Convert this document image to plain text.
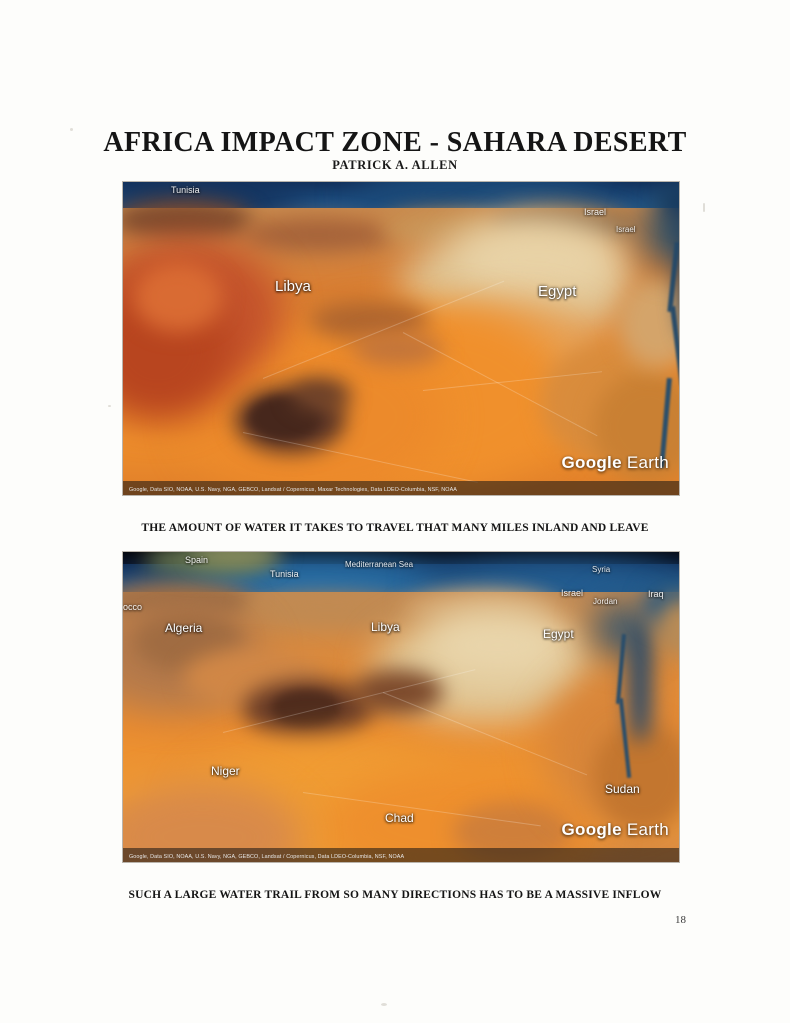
AFRICA IMPACT ZONE - SAHARA DESERT
PATRICK A. ALLEN
Tunisia
Libya	Egypt
Israel
Israel
Google Earth
Google, Data SIO, NOAA, U.S. Navy, NGA, GEBCO, Landsat / Copernicus, Maxar Technologies, Data LDEO-Columbia, NSF, NOAA
THE AMOUNT OF WATER IT TAKES TO TRAVEL THAT MANY MILES INLAND AND LEAVE
Spain	Mediterranean Sea
Tunisia	Syria
Iraq
Israel
Jordan
occo
Algeria	Libya	Egypt
Niger
Chad
Sudan
Google Earth
Google, Data SIO, NOAA, U.S. Navy, NGA, GEBCO, Landsat / Copernicus, Data LDEO-Columbia, NSF, NOAA
SUCH A LARGE WATER TRAIL FROM SO MANY DIRECTIONS HAS TO BE A MASSIVE INFLOW
18
